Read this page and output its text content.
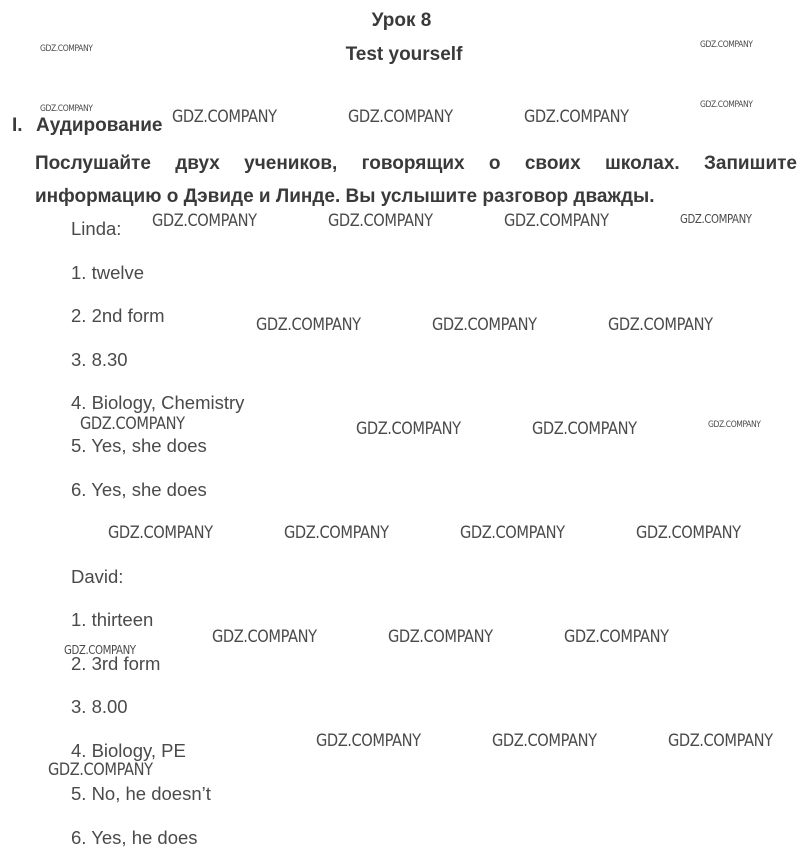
Урок 8
Test yourself
I. Аудирование
Послушайте двух учеников, говорящих о своих школах. Запишите
информацию о Дэвиде и Линде. Вы услышите разговор дважды.
Linda:
1. twelve
2. 2nd form
3. 8.30
4. Biology, Chemistry
5. Yes, she does
6. Yes, she does
David:
1. thirteen
2. 3rd form
3. 8.00
4. Biology, PE
5. No, he doesn’t
6. Yes, he does
GDZ.COMPANY	GDZ.COMPANY
GDZ.COMPANY	GDZ.COMPANY
GDZ.COMPANY
GDZ.COMPANY	GDZ.COMPANY	GDZ.COMPANY
GDZ.COMPANY	GDZ.COMPANY	GDZ.COMPANY	GDZ.COMPANY
GDZ.COMPANY	GDZ.COMPANY	GDZ.COMPANY
GDZ.COMPANY	GDZ.COMPANY	GDZ.COMPANY
GDZ.COMPANY	GDZ.COMPANY	GDZ.COMPANY	GDZ.COMPANY
GDZ.COMPANY	GDZ.COMPANY	GDZ.COMPANY
GDZ.COMPANY
GDZ.COMPANY	GDZ.COMPANY	GDZ.COMPANY
GDZ.COMPANY
